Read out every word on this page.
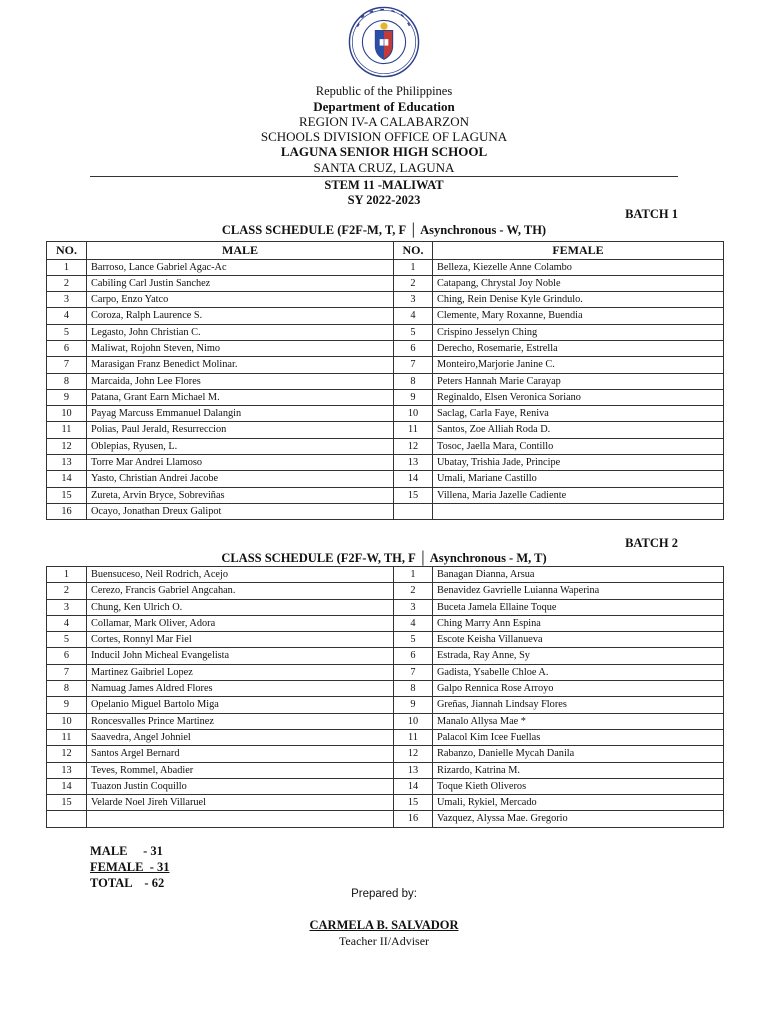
Republic of the Philippines
Department of Education
REGION IV-A CALABARZON
SCHOOLS DIVISION OFFICE OF LAGUNA
LAGUNA SENIOR HIGH SCHOOL
SANTA CRUZ, LAGUNA
STEM 11 -MALIWAT
SY 2022-2023
BATCH 1
CLASS SCHEDULE (F2F-M, T, F │ Asynchronous - W, TH)
NO.	MALE	NO.	FEMALE
1	Barroso, Lance Gabriel Agac-Ac	1	Belleza, Kiezelle Anne Colambo
2	Cabiling Carl Justin Sanchez	2	Catapang, Chrystal Joy Noble
3	Carpo, Enzo Yatco	3	Ching, Rein Denise Kyle Grindulo.
4	Coroza, Ralph Laurence S.	4	Clemente, Mary Roxanne, Buendia
5	Legasto, John Christian C.	5	Crispino Jesselyn Ching
6	Maliwat, Rojohn Steven, Nimo	6	Derecho, Rosemarie, Estrella
7	Marasigan Franz Benedict Molinar.	7	Monteiro,Marjorie Janine C.
8	Marcaida, John Lee Flores	8	Peters Hannah Marie Carayap
9	Patana, Grant Earn Michael M.	9	Reginaldo, Elsen Veronica Soriano
10	Payag Marcuss Emmanuel Dalangin	10	Saclag, Carla Faye, Reniva
11	Polias, Paul Jerald, Resurreccion	11	Santos, Zoe Alliah Roda D.
12	Oblepias, Ryusen, L.	12	Tosoc, Jaella Mara, Contillo
13	Torre Mar Andrei Llamoso	13	Ubatay, Trishia Jade, Principe
14	Yasto, Christian Andrei Jacobe	14	Umali, Mariane Castillo
15	Zureta, Arvin Bryce, Sobreviñas	15	Villena, Maria Jazelle Cadiente
16	Ocayo, Jonathan Dreux Galipot		
BATCH 2
CLASS SCHEDULE (F2F-W, TH, F │ Asynchronous - M, T)
1	Buensuceso, Neil Rodrich, Acejo	1	Banagan Dianna, Arsua
2	Cerezo, Francis Gabriel Angcahan.	2	Benavidez Gavrielle Luianna Waperina
3	Chung, Ken Ulrich O.	3	Buceta Jamela Ellaine Toque
4	Collamar, Mark Oliver, Adora	4	Ching Marry Ann Espina
5	Cortes, Ronnyl Mar Fiel	5	Escote Keisha Villanueva
6	Inducil John Micheal Evangelista	6	Estrada, Ray Anne, Sy
7	Martinez Gaibriel Lopez	7	Gadista, Ysabelle Chloe A.
8	Namuag James Aldred Flores	8	Galpo Rennica Rose Arroyo
9	Opelanio Miguel Bartolo Miga	9	Greñas, Jiannah Lindsay Flores
10	Roncesvalles Prince Martinez	10	Manalo Allysa Mae *
11	Saavedra, Angel Johniel	11	Palacol Kim Icee Fuellas
12	Santos Argel Bernard	12	Rabanzo, Danielle Mycah Danila
13	Teves, Rommel, Abadier	13	Rizardo, Katrina M.
14	Tuazon Justin Coquillo	14	Toque Kieth Oliveros
15	Velarde Noel Jireh Villaruel	15	Umali, Rykiel, Mercado
		16	Vazquez, Alyssa Mae. Gregorio
MALE     - 31
FEMALE  - 31
TOTAL    - 62
Prepared by:
CARMELA B. SALVADOR
Teacher II/Adviser
